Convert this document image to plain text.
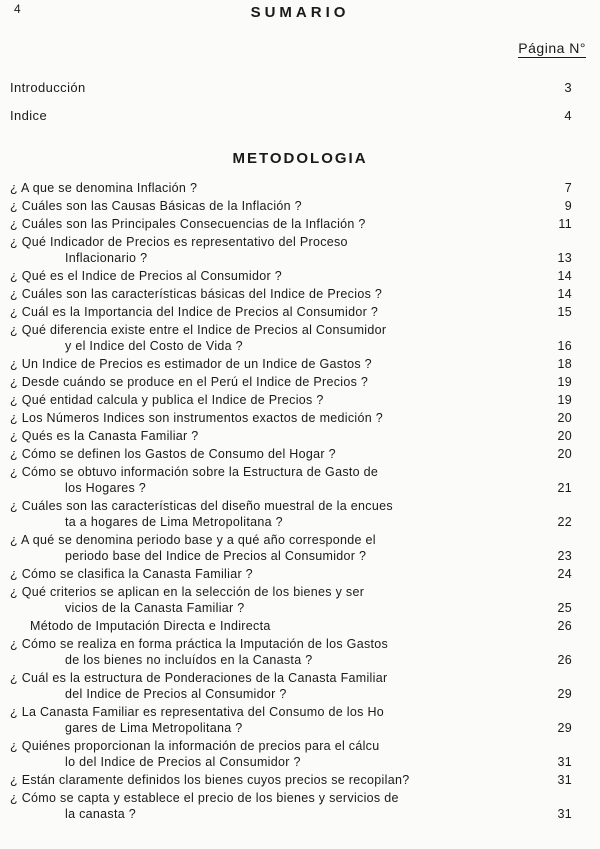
4	SUMARIO
Página N°
Introducción	3
Indice	4
METODOLOGIA
¿ A que se denomina Inflación ?	7
¿ Cuáles son las Causas Básicas de la Inflación ?	9
¿ Cuáles son las Principales Consecuencias de la Inflación ?	11
¿ Qué Indicador de Precios es representativo del Proceso
Inflacionario ?	13
¿ Qué es el Indice de Precios al Consumidor ?	14
¿ Cuáles son las características básicas del Indice de Precios ?	14
¿ Cuál es la Importancia del Indice de Precios al Consumidor ?	15
¿ Qué diferencia existe entre el Indice de Precios al Consumidor
y el Indice del Costo de Vida ?	16
¿ Un Indice de Precios es estimador de un Indice de Gastos ?	18
¿ Desde cuándo se produce en el Perú el Indice de Precios ?	19
¿ Qué entidad calcula y publica el Indice de Precios ?	19
¿ Los Números Indices son instrumentos exactos de medición ?	20
¿ Qués es la Canasta Familiar ?	20
¿ Cómo se definen los Gastos de Consumo del Hogar ?	20
¿ Cómo se obtuvo información sobre la Estructura de Gasto de
los Hogares ?	21
¿ Cuáles son las características del diseño muestral de la encues
ta a hogares de Lima Metropolitana ?	22
¿ A qué se denomina periodo base y a qué año corresponde el
periodo base del Indice de Precios al Consumidor ?	23
¿ Cómo se clasifica la Canasta Familiar ?	24
¿ Qué criterios se aplican en la selección de los bienes y ser
vicios de la Canasta Familiar ?	25
Método de Imputación Directa e Indirecta	26
¿ Cómo se realiza en forma práctica la Imputación de los Gastos
de los bienes no incluídos en la Canasta ?	26
¿ Cuál es la estructura de Ponderaciones de la Canasta Familiar
del Indice de Precios al Consumidor ?	29
¿ La Canasta Familiar es representativa del Consumo de los Ho
gares de Lima Metropolitana ?	29
¿ Quiénes proporcionan la información de precios para el cálcu
lo del Indice de Precios al Consumidor ?	31
¿ Están claramente definidos los bienes cuyos precios se recopilan?	31
¿ Cómo se capta y establece el precio de los bienes y servicios de
la canasta ?	31
